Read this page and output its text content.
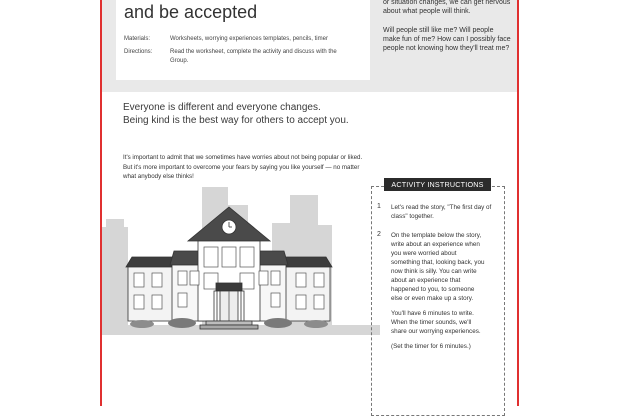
and be accepted
Materials:	Worksheets, worrying experiences templates, pencils, timer
Directions:	Read the worksheet, complete the activity and discuss with the Group.
or situation changes, we can get nervous about what people will think.
Will people still like me? Will people make fun of me? How can I possibly face people not knowing how they'll treat me?
Everyone is different and everyone changes.
Being kind is the best way for others to accept you.
It's important to admit that we sometimes have worries about not being popular or liked. But it's more important to overcome your fears by saying you like yourself — no matter what anybody else thinks!
ACTIVITY INSTRUCTIONS
1 Let's read the story, "The first day of class" together.
2 On the template below the story, write about an experience when you were worried about something that, looking back, you now think is silly. You can write about an experience that happened to you, to someone else or even make up a story.

You'll have 6 minutes to write. When the timer sounds, we'll share our worrying experiences.

(Set the timer for 6 minutes.)
